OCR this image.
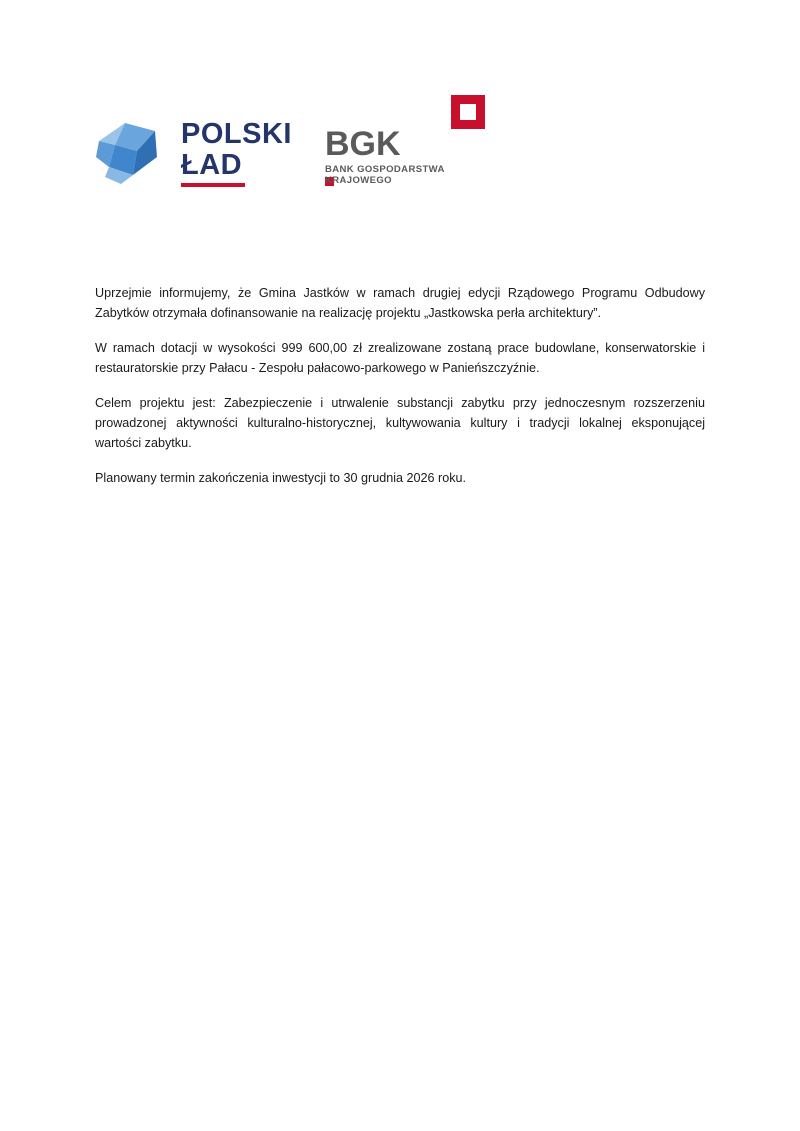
POLSKI
ŁAD
BGK
BANK GOSPODARSTWA
KRAJOWEGO

Uprzejmie informujemy, że Gmina Jastków w ramach drugiej edycji Rządowego Programu Odbudowy Zabytków otrzymała dofinansowanie na realizację projektu „Jastkowska perła architektury”.

W ramach dotacji w wysokości 999 600,00 zł zrealizowane zostaną prace budowlane, konserwatorskie i restauratorskie przy Pałacu - Zespołu pałacowo-parkowego w Panieńszczyźnie.

Celem projektu jest: Zabezpieczenie i utrwalenie substancji zabytku przy jednoczesnym rozszerzeniu prowadzonej aktywności kulturalno-historycznej, kultywowania kultury i tradycji lokalnej eksponującej wartości zabytku.

Planowany termin zakończenia inwestycji to 30 grudnia 2026 roku.
